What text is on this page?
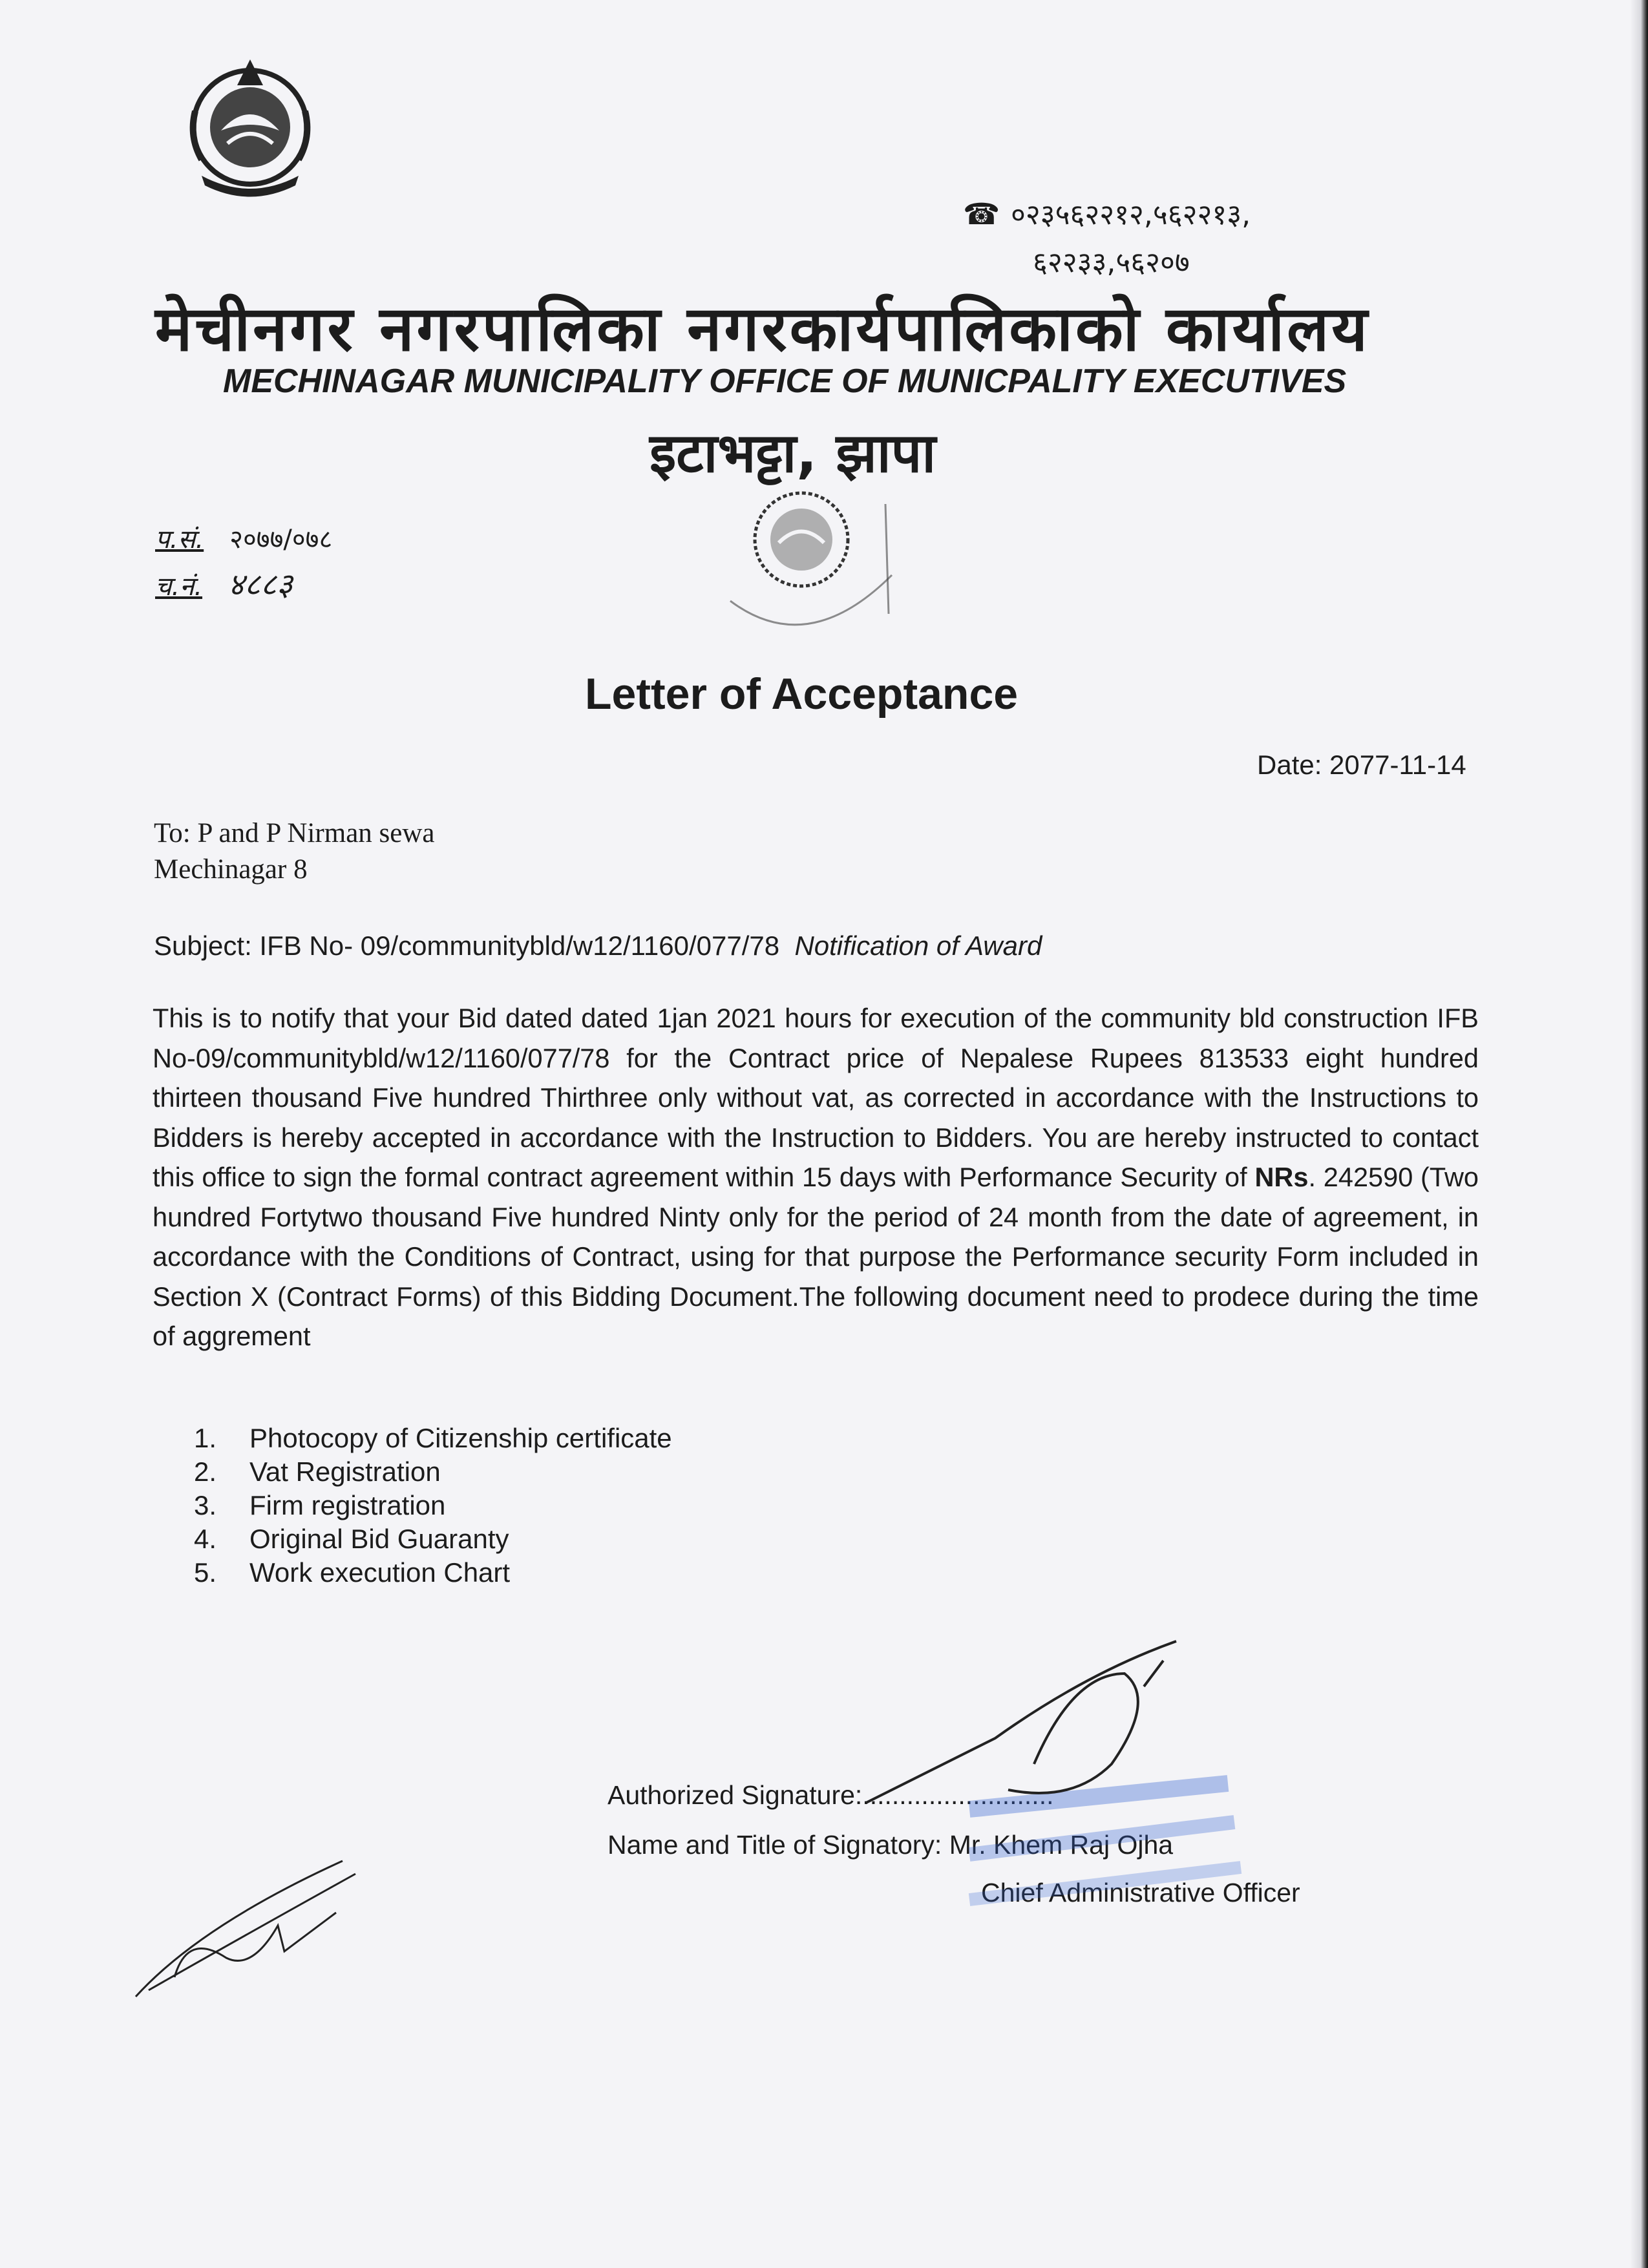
☎ ०२३५६२२१२,५६२२१३,
६२२३३,५६२०७
मेचीनगर नगरपालिका नगरकार्यपालिकाको कार्यालय
MECHINAGAR MUNICIPALITY OFFICE OF MUNICPALITY EXECUTIVES
इटाभट्टा, झापा
प.सं. २०७७/०७८
च.नं. ४८८३
Letter of Acceptance
Date: 2077-11-14
To: P and P Nirman sewa
Mechinagar 8
Subject: IFB No- 09/communitybld/w12/1160/077/78 Notification of Award
This is to notify that your Bid dated dated 1jan 2021 hours for execution of the community bld construction IFB No-09/communitybld/w12/1160/077/78 for the Contract price of Nepalese Rupees 813533 eight hundred thirteen thousand Five hundred Thirthree only without vat, as corrected in accordance with the Instructions to Bidders is hereby accepted in accordance with the Instruction to Bidders. You are hereby instructed to contact this office to sign the formal contract agreement within 15 days with Performance Security of NRs. 242590 (Two hundred Fortytwo thousand Five hundred Ninty only for the period of 24 month from the date of agreement, in accordance with the Conditions of Contract, using for that purpose the Performance security Form included in Section X (Contract Forms) of this Bidding Document.The following document need to prodece during the time of aggrement
1. Photocopy of Citizenship certificate
2. Vat Registration
3. Firm registration
4. Original Bid Guaranty
5. Work execution Chart
Authorized Signature:..........................
Name and Title of Signatory: Mr. Khem Raj Ojha
Chief Administrative Officer
